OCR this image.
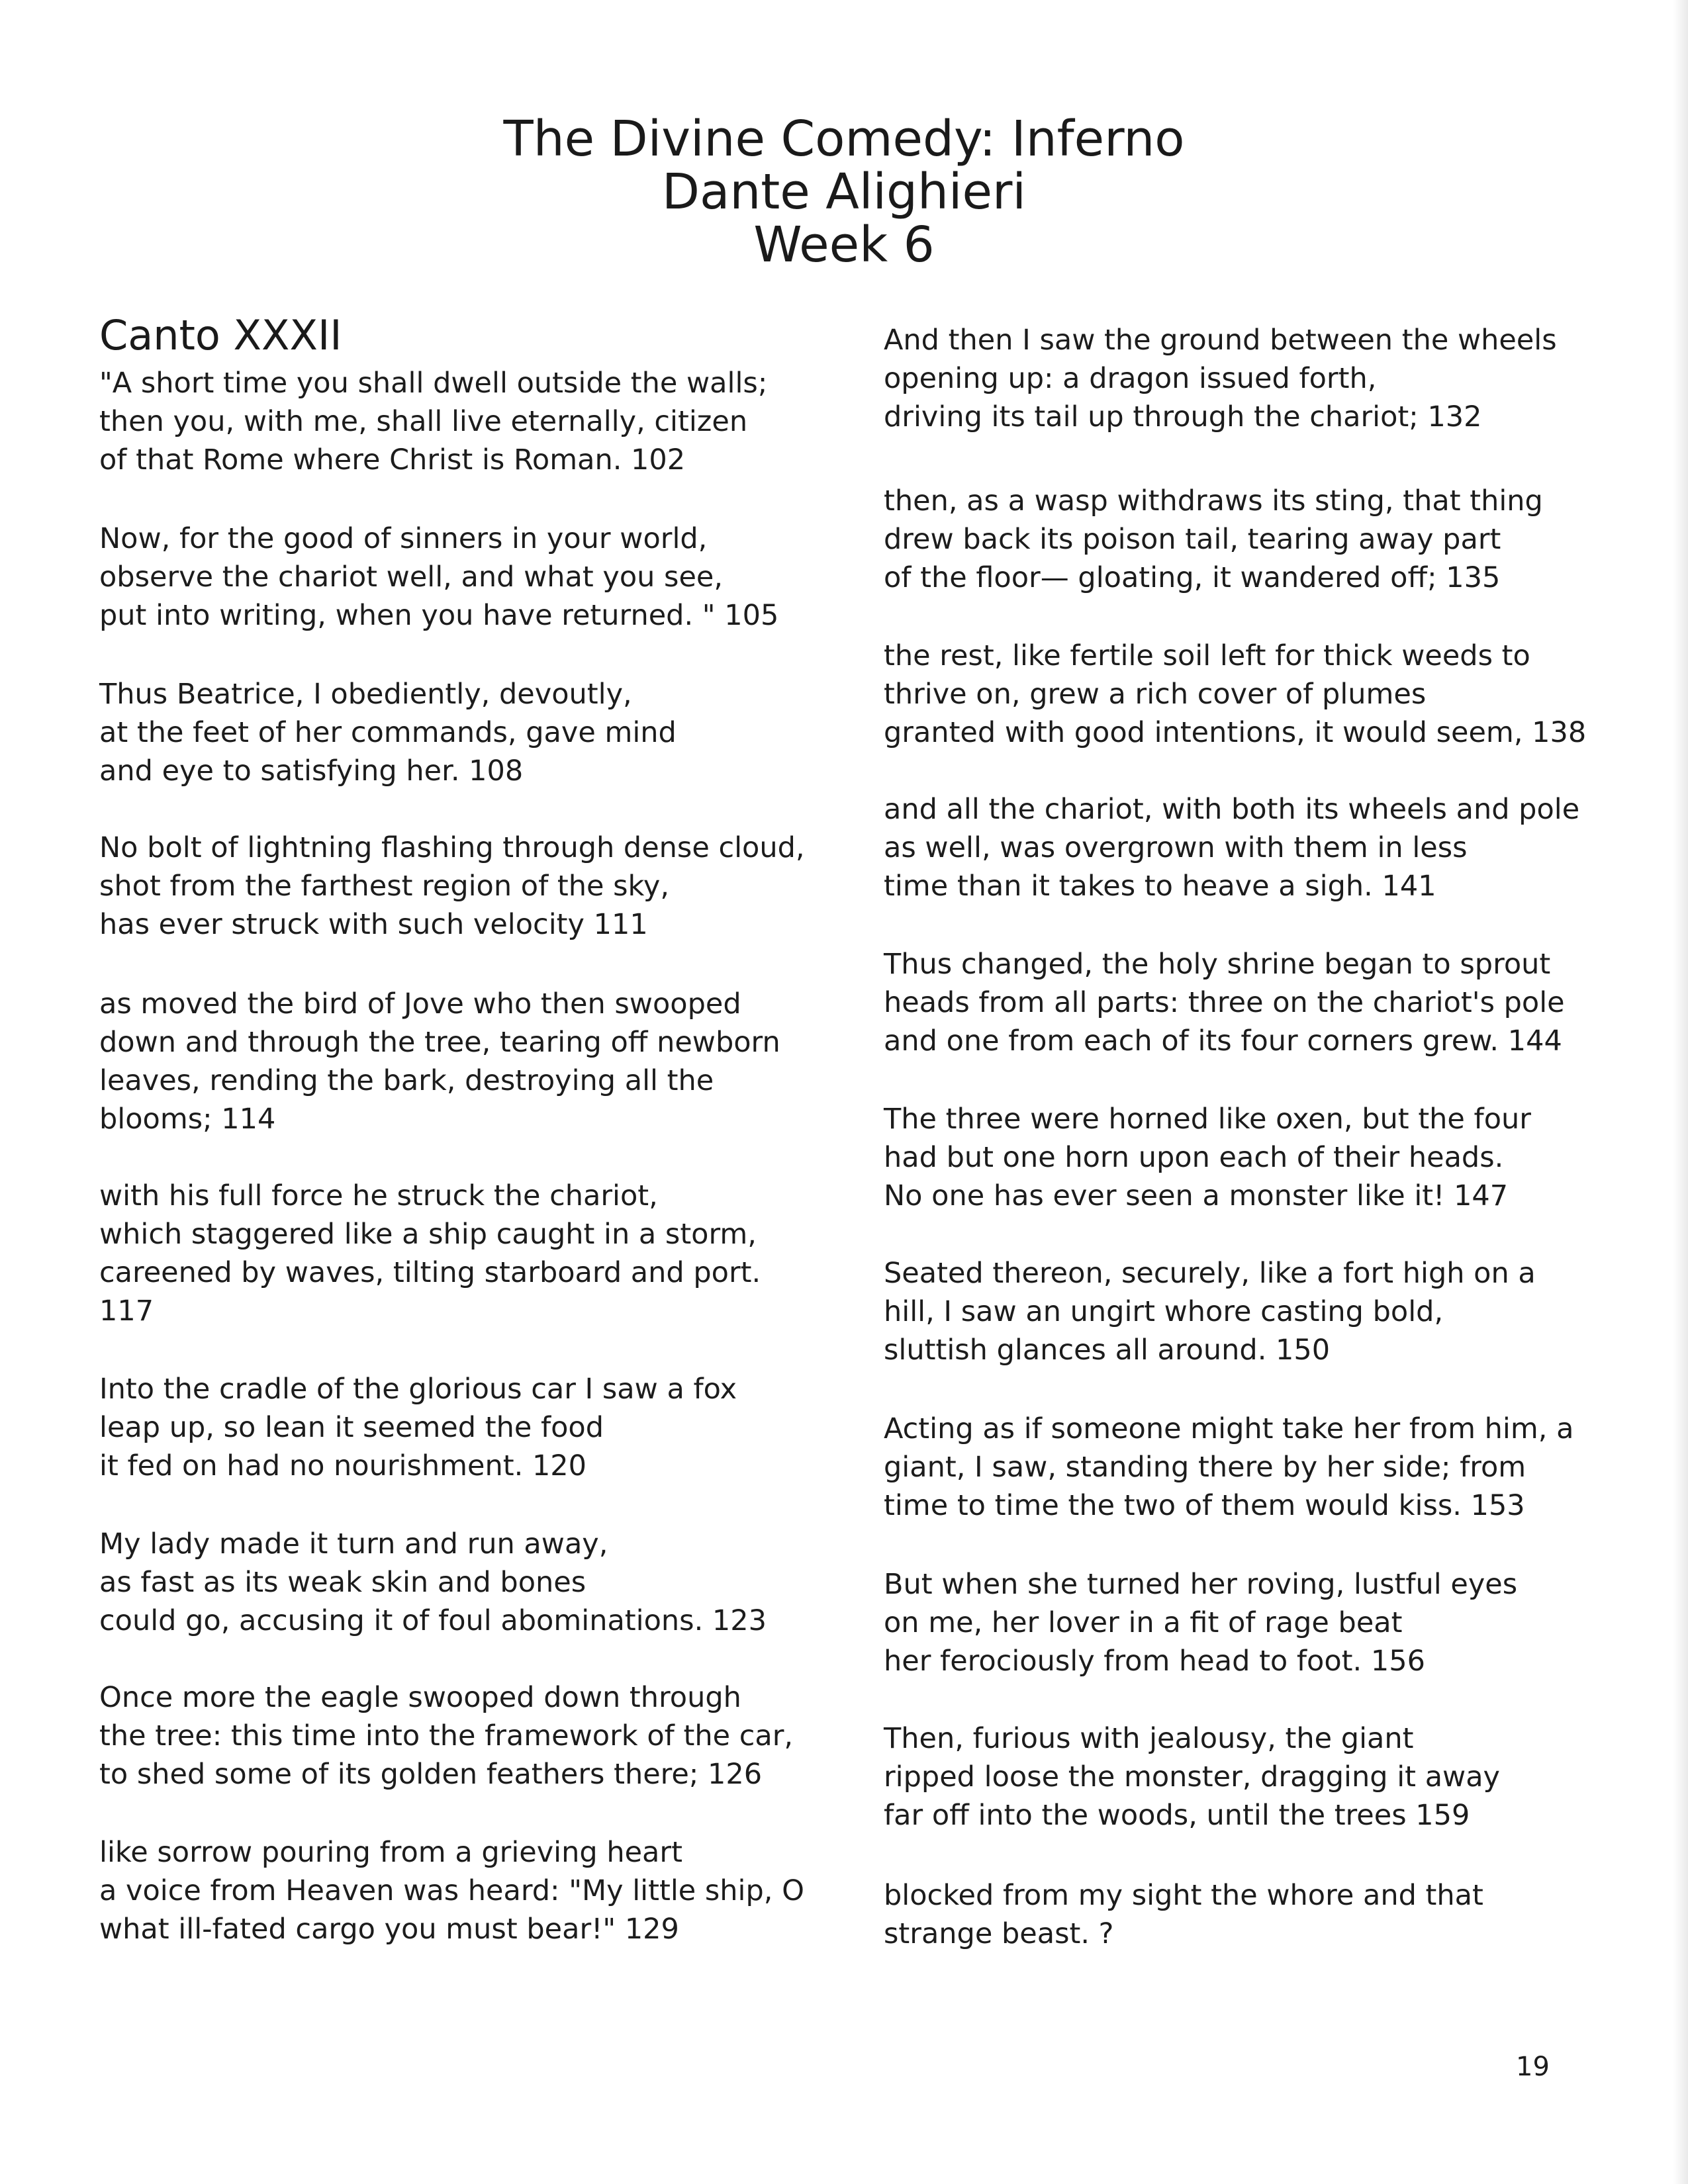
The Divine Comedy: Inferno
Dante Alighieri
Week 6
Canto XXXII
"A short time you shall dwell outside the walls;
then you, with me, shall live eternally, citizen
of that Rome where Christ is Roman. 102
Now, for the good of sinners in your world,
observe the chariot well, and what you see,
put into writing, when you have returned. " 105
Thus Beatrice, I obediently, devoutly,
at the feet of her commands, gave mind
and eye to satisfying her. 108
No bolt of lightning flashing through dense cloud,
shot from the farthest region of the sky,
has ever struck with such velocity 111
as moved the bird of Jove who then swooped
down and through the tree, tearing off newborn
leaves, rending the bark, destroying all the
blooms; 114
with his full force he struck the chariot,
which staggered like a ship caught in a storm,
careened by waves, tilting starboard and port.
117
Into the cradle of the glorious car I saw a fox
leap up, so lean it seemed the food
it fed on had no nourishment. 120
My lady made it turn and run away,
as fast as its weak skin and bones
could go, accusing it of foul abominations. 123
Once more the eagle swooped down through
the tree: this time into the framework of the car,
to shed some of its golden feathers there; 126
like sorrow pouring from a grieving heart
a voice from Heaven was heard: "My little ship, O
what ill-fated cargo you must bear!" 129
And then I saw the ground between the wheels
opening up: a dragon issued forth,
driving its tail up through the chariot; 132
then, as a wasp withdraws its sting, that thing
drew back its poison tail, tearing away part
of the floor— gloating, it wandered off; 135
the rest, like fertile soil left for thick weeds to
thrive on, grew a rich cover of plumes
granted with good intentions, it would seem, 138
and all the chariot, with both its wheels and pole
as well, was overgrown with them in less
time than it takes to heave a sigh. 141
Thus changed, the holy shrine began to sprout
heads from all parts: three on the chariot's pole
and one from each of its four corners grew. 144
The three were horned like oxen, but the four
had but one horn upon each of their heads.
No one has ever seen a monster like it! 147
Seated thereon, securely, like a fort high on a
hill, I saw an ungirt whore casting bold,
sluttish glances all around. 150
Acting as if someone might take her from him, a
giant, I saw, standing there by her side; from
time to time the two of them would kiss. 153
But when she turned her roving, lustful eyes
on me, her lover in a fit of rage beat
her ferociously from head to foot. 156
Then, furious with jealousy, the giant
ripped loose the monster, dragging it away
far off into the woods, until the trees 159
blocked from my sight the whore and that
strange beast. ?
19
